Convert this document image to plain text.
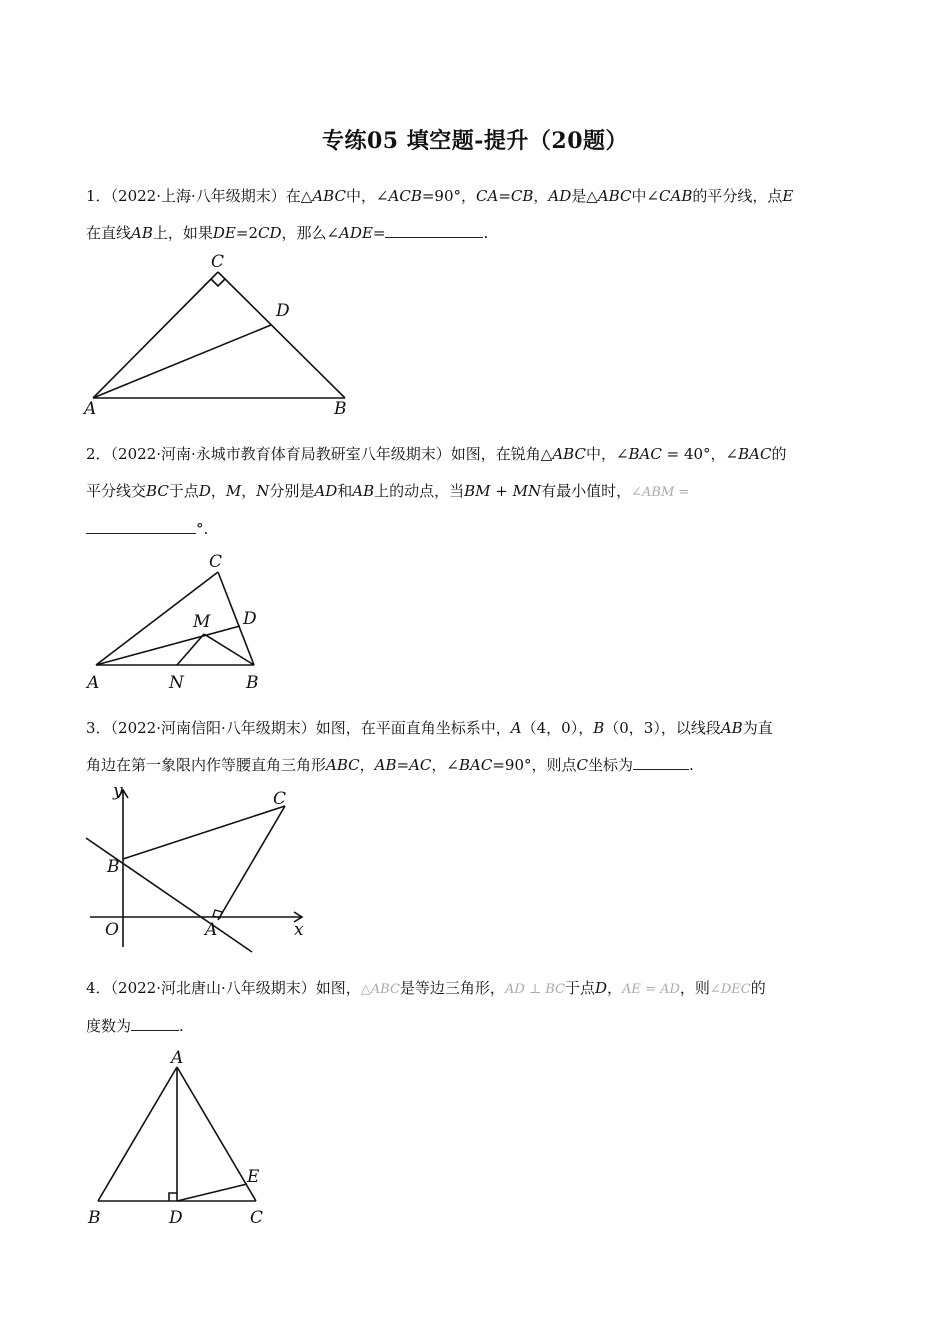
专练05 填空题-提升（20题）
1．（2022·上海·八年级期末）在△ABC中，∠ACB=90°，CA=CB，AD是△ABC中∠CAB的平分线，点E
在直线AB上，如果DE=2CD，那么∠ADE=	.
C
D
A	B
2．（2022·河南·永城市教育体育局教研室八年级期末）如图，在锐角△ABC中，∠BAC = 40°，∠BAC的
平分线交BC于点D，M，N分别是AD和AB上的动点，当BM + MN有最小值时，∠ABM =
°.
C
D
M
A	N	B
3．（2022·河南信阳·八年级期末）如图，在平面直角坐标系中，A（4，0），B（0，3），以线段AB为直
角边在第一象限内作等腰直角三角形ABC，AB=AC，∠BAC=90°，则点C坐标为	.
y	C
B
O	A	x
4．（2022·河北唐山·八年级期末）如图，△ABC是等边三角形，AD ⊥ BC于点D，AE = AD，则∠DEC的
度数为	.
A
E
B	D	C
